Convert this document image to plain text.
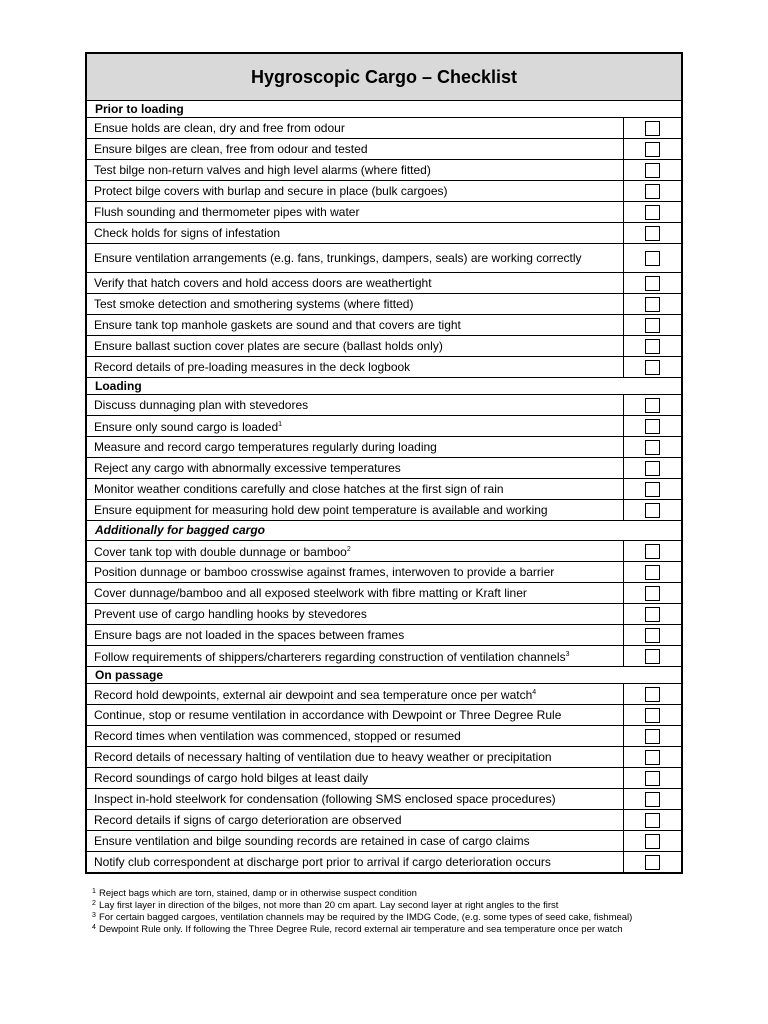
Hygroscopic Cargo – Checklist
Prior to loading
Ensue holds are clean, dry and free from odour
Ensure bilges are clean, free from odour and tested
Test bilge non-return valves and high level alarms (where fitted)
Protect bilge covers with burlap and secure in place (bulk cargoes)
Flush sounding and thermometer pipes with water
Check holds for signs of infestation
Ensure ventilation arrangements (e.g. fans, trunkings, dampers, seals) are working correctly
Verify that hatch covers and hold access doors are weathertight
Test smoke detection and smothering systems (where fitted)
Ensure tank top manhole gaskets are sound and that covers are tight
Ensure ballast suction cover plates are secure (ballast holds only)
Record details of pre-loading measures in the deck logbook
Loading
Discuss dunnaging plan with stevedores
Ensure only sound cargo is loaded$^1$
Measure and record cargo temperatures regularly during loading
Reject any cargo with abnormally excessive temperatures
Monitor weather conditions carefully and close hatches at the first sign of rain
Ensure equipment for measuring hold dew point temperature is available and working
Additionally for bagged cargo
Cover tank top with double dunnage or bamboo$^2$
Position dunnage or bamboo crosswise against frames, interwoven to provide a barrier
Cover dunnage/bamboo and all exposed steelwork with fibre matting or Kraft liner
Prevent use of cargo handling hooks by stevedores
Ensure bags are not loaded in the spaces between frames
Follow requirements of shippers/charterers regarding construction of ventilation channels$^3$
On passage
Record hold dewpoints, external air dewpoint and sea temperature once per watch$^4$
Continue, stop or resume ventilation in accordance with Dewpoint or Three Degree Rule
Record times when ventilation was commenced, stopped or resumed
Record details of necessary halting of ventilation due to heavy weather or precipitation
Record soundings of cargo hold bilges at least daily
Inspect in-hold steelwork for condensation (following SMS enclosed space procedures)
Record details if signs of cargo deterioration are observed
Ensure ventilation and bilge sounding records are retained in case of cargo claims
Notify club correspondent at discharge port prior to arrival if cargo deterioration occurs
1 Reject bags which are torn, stained, damp or in otherwise suspect condition
2 Lay first layer in direction of the bilges, not more than 20 cm apart. Lay second layer at right angles to the first
3 For certain bagged cargoes, ventilation channels may be required by the IMDG Code, (e.g. some types of seed cake, fishmeal)
4 Dewpoint Rule only. If following the Three Degree Rule, record external air temperature and sea temperature once per watch
